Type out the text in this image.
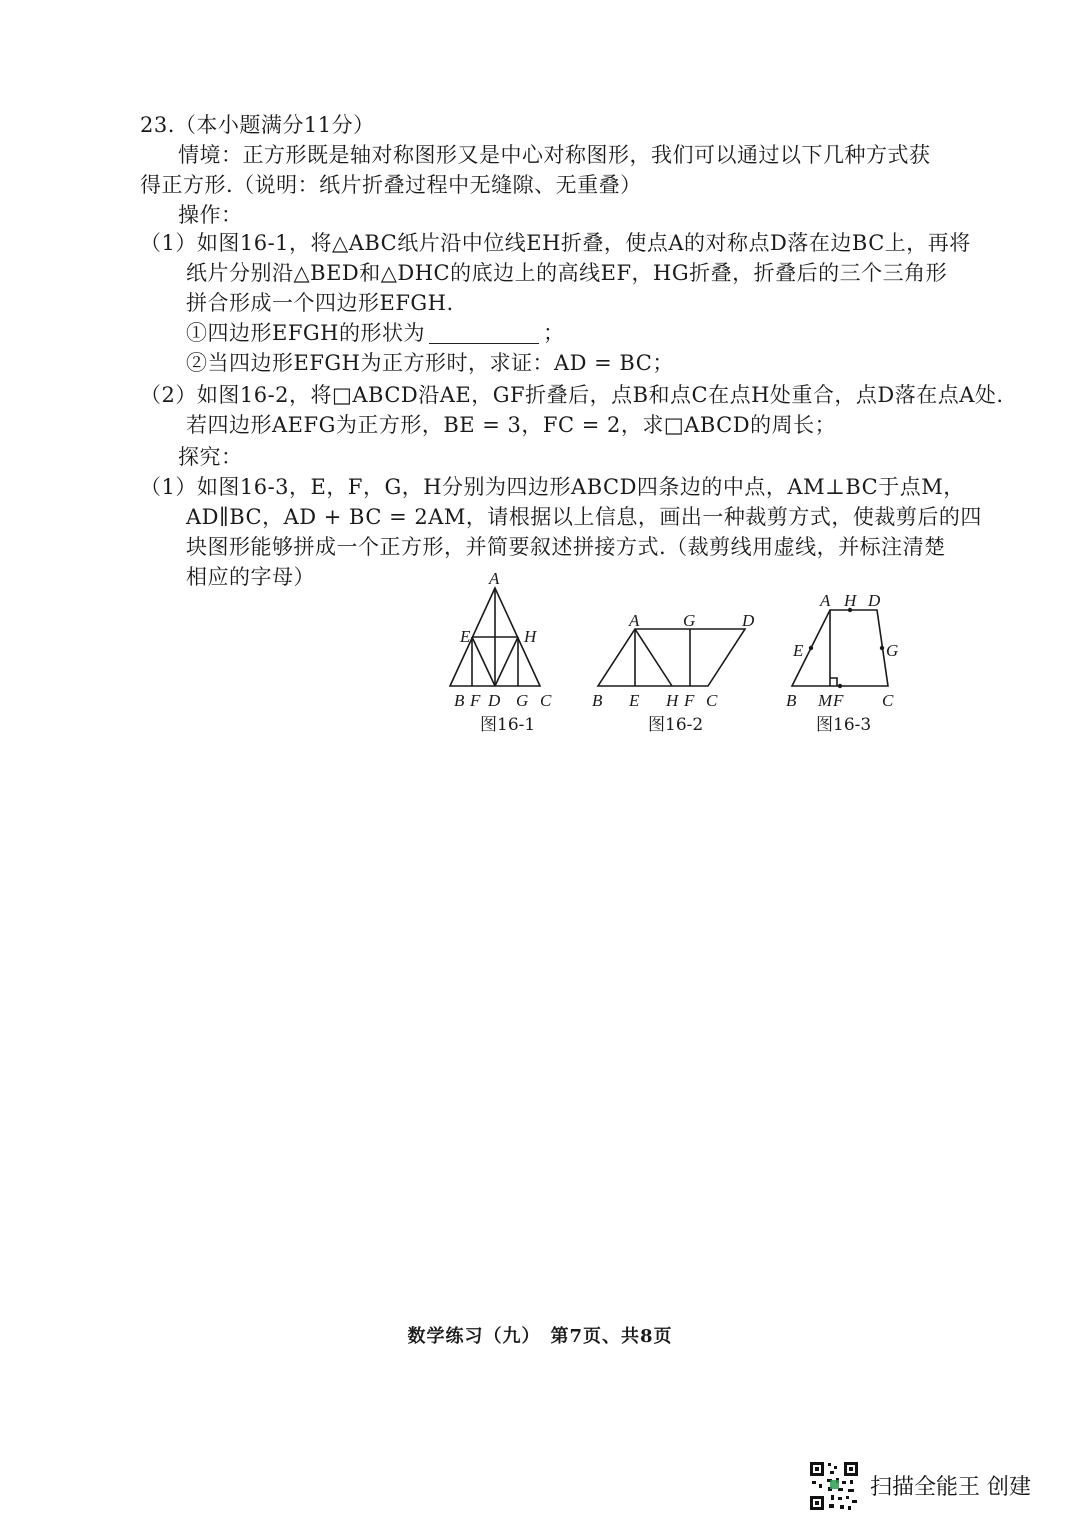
23.（本小题满分11分）
情境：正方形既是轴对称图形又是中心对称图形，我们可以通过以下几种方式获
得正方形.（说明：纸片折叠过程中无缝隙、无重叠）
操作：
（1）如图16-1，将△ABC纸片沿中位线EH折叠，使点A的对称点D落在边BC上，再将
纸片分别沿△BED和△DHC的底边上的高线EF，HG折叠，折叠后的三个三角形
拼合形成一个四边形EFGH.
①四边形EFGH的形状为	；
②当四边形EFGH为正方形时，求证：AD = BC；
（2）如图16-2，将□ABCD沿AE，GF折叠后，点B和点C在点H处重合，点D落在点A处.
若四边形AEFG为正方形，BE = 3，FC = 2，求□ABCD的周长；
探究：
（1）如图16-3，E，F，G，H分别为四边形ABCD四条边的中点，AM⊥BC于点M，
AD∥BC，AD + BC = 2AM，请根据以上信息，画出一种裁剪方式，使裁剪后的四
块图形能够拼成一个正方形，并简要叙述拼接方式.（裁剪线用虚线，并标注清楚
相应的字母）	A
E	H
B F D G C
图16-1
A	G	D
B E H F C
图16-2
A H D
E	G
B M F C
图16-3
数学练习（九）　第7页、共8页
扫描全能王 创建
